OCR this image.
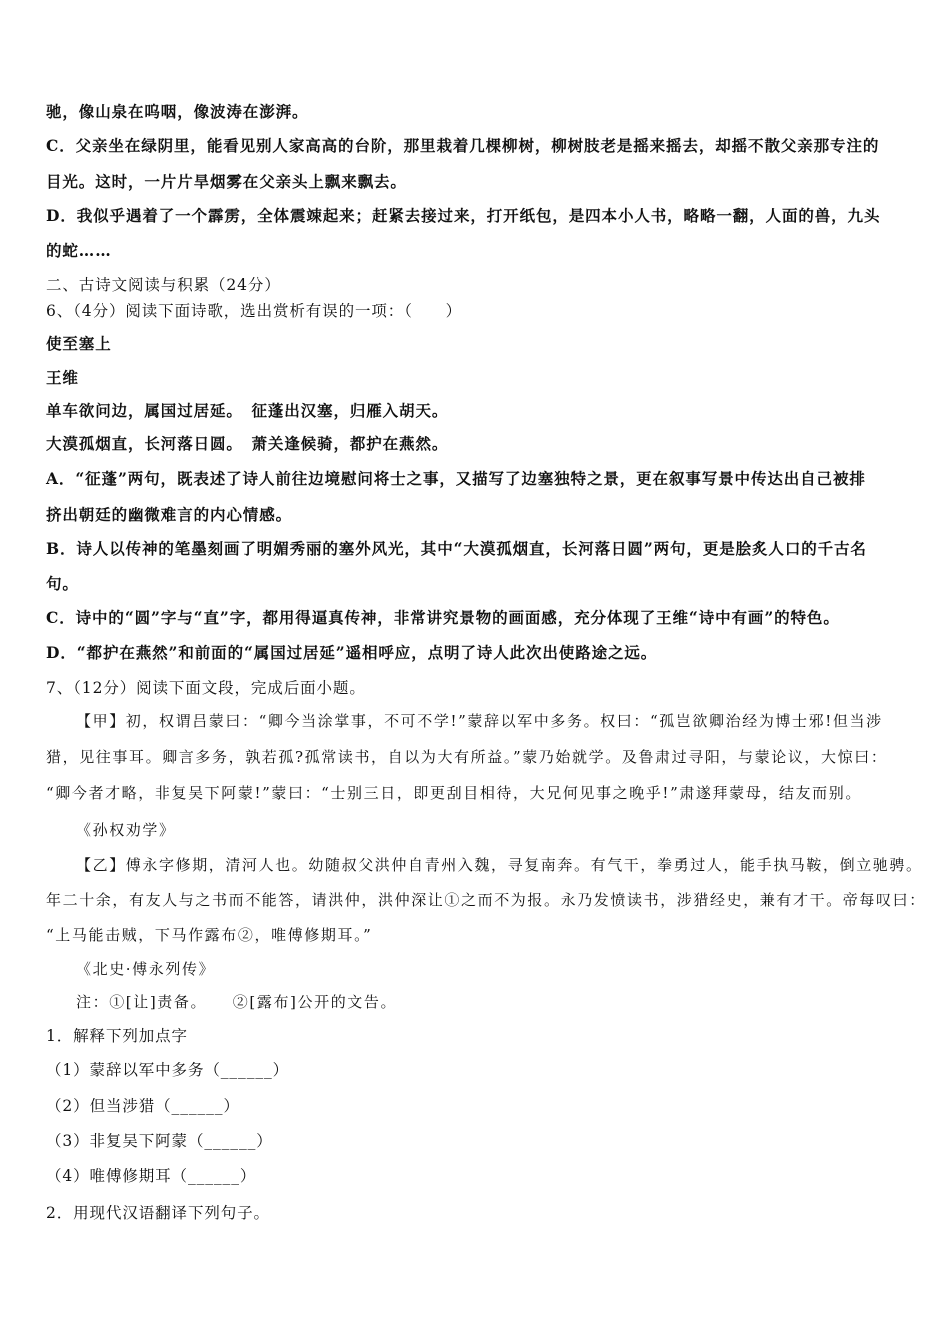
驰，像山泉在呜咽，像波涛在澎湃。
C．父亲坐在绿阴里，能看见别人家高高的台阶，那里栽着几棵柳树，柳树肢老是摇来摇去，却摇不散父亲那专注的
目光。这时，一片片旱烟雾在父亲头上飘来飘去。
D．我似乎遇着了一个霹雳，全体震竦起来；赶紧去接过来，打开纸包，是四本小人书，略略一翻，人面的兽，九头
的蛇……
二、古诗文阅读与积累（24分）
6、（4分）阅读下面诗歌，选出赏析有误的一项：（　　）
使至塞上
王维
单车欲问边，属国过居延。　征蓬出汉塞，归雁入胡天。
大漠孤烟直，长河落日圆。　萧关逢候骑，都护在燕然。
A．“征蓬”两句，既表述了诗人前往边境慰问将士之事，又描写了边塞独特之景，更在叙事写景中传达出自己被排
挤出朝廷的幽微难言的内心情感。
B．诗人以传神的笔墨刻画了明媚秀丽的塞外风光，其中“大漠孤烟直，长河落日圆”两句，更是脍炙人口的千古名
句。
C．诗中的“圆”字与“直”字，都用得逼真传神，非常讲究景物的画面感，充分体现了王维“诗中有画”的特色。
D．“都护在燕然”和前面的“属国过居延”遥相呼应，点明了诗人此次出使路途之远。
7、（12分）阅读下面文段，完成后面小题。
【甲】初，权谓吕蒙曰：“卿今当涂掌事，不可不学!”蒙辞以军中多务。权曰：“孤岂欲卿治经为博士邪!但当涉
猎，见往事耳。卿言多务，孰若孤?孤常读书，自以为大有所益。”蒙乃始就学。及鲁肃过寻阳，与蒙论议，大惊曰：
“卿今者才略，非复吴下阿蒙!”蒙曰：“士别三日，即更刮目相待，大兄何见事之晚乎!”肃遂拜蒙母，结友而别。
《孙权劝学》
【乙】傅永字修期，清河人也。幼随叔父洪仲自青州入魏，寻复南奔。有气干，拳勇过人，能手执马鞍，倒立驰骋。
年二十余，有友人与之书而不能答，请洪仲，洪仲深让①之而不为报。永乃发愤读书，涉猎经史，兼有才干。帝每叹曰：
“上马能击贼，下马作露布②，唯傅修期耳。”
《北史·傅永列传》
注：①[让]责备。　　②[露布]公开的文告。
1．解释下列加点字
（1）蒙辞以军中多务（______）
（2）但当涉猎（______）
（3）非复吴下阿蒙（______）
（4）唯傅修期耳（______）
2．用现代汉语翻译下列句子。
